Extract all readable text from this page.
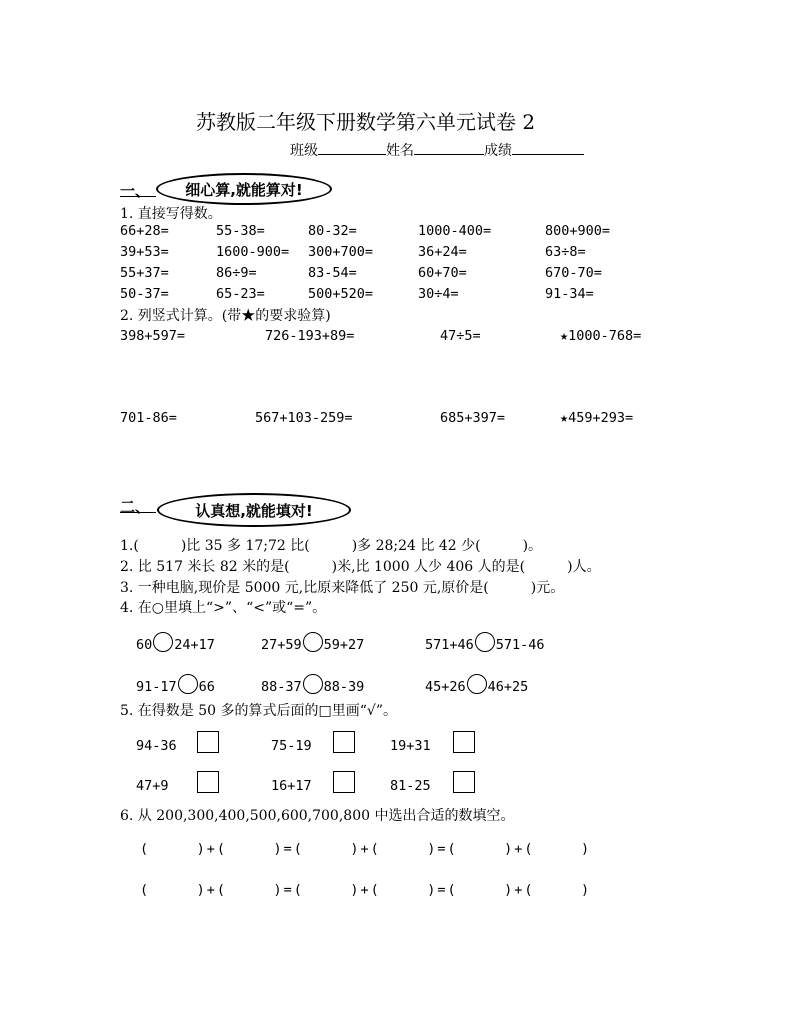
苏教版二年级下册数学第六单元试卷 2
班级	姓名	成绩
一、 细心算,就能算对!
1. 直接写得数。
66+28=	55-38=	80-32=	1000-400=	800+900=
39+53=	1600-900= 300+700=	36+24=	63÷8=
55+37=	86÷9=	83-54=	60+70=	670-70=
50-37=	65-23=	500+520=	30÷4=	91-34=
2. 列竖式计算。(带★的要求验算)
398+597=	726-193+89=	47÷5=	★1000-768=
701-86=	567+103-259=	685+397=	★459+293=
二、	认真想,就能填对!
1.(　　　)比 35 多 17;72 比(　　　)多 28;24 比 42 少(　　　)。
2. 比 517 米长 82 米的是(　　　)米,比 1000 人少 406 人的是(　　　)人。
3. 一种电脑,现价是 5000 元,比原来降低了 250 元,原价是(　　　)元。
4. 在○里填上“>”、“<”或“=”。
60 24+17	27+59 59+27	571+46 571-46
91-17 66	88-37 88-39	45+26 46+25
5. 在得数是 50 多的算式后面的□里画“√”。
94-36	75-19	19+31
47+9	16+17	81-25
6. 从 200,300,400,500,600,700,800 中选出合适的数填空。
(　　　)+(　　　)=(　　　)+(　　　)=(　　　)+(　　　)
(　　　)+(　　　)=(　　　)+(　　　)=(　　　)+(　　　)
